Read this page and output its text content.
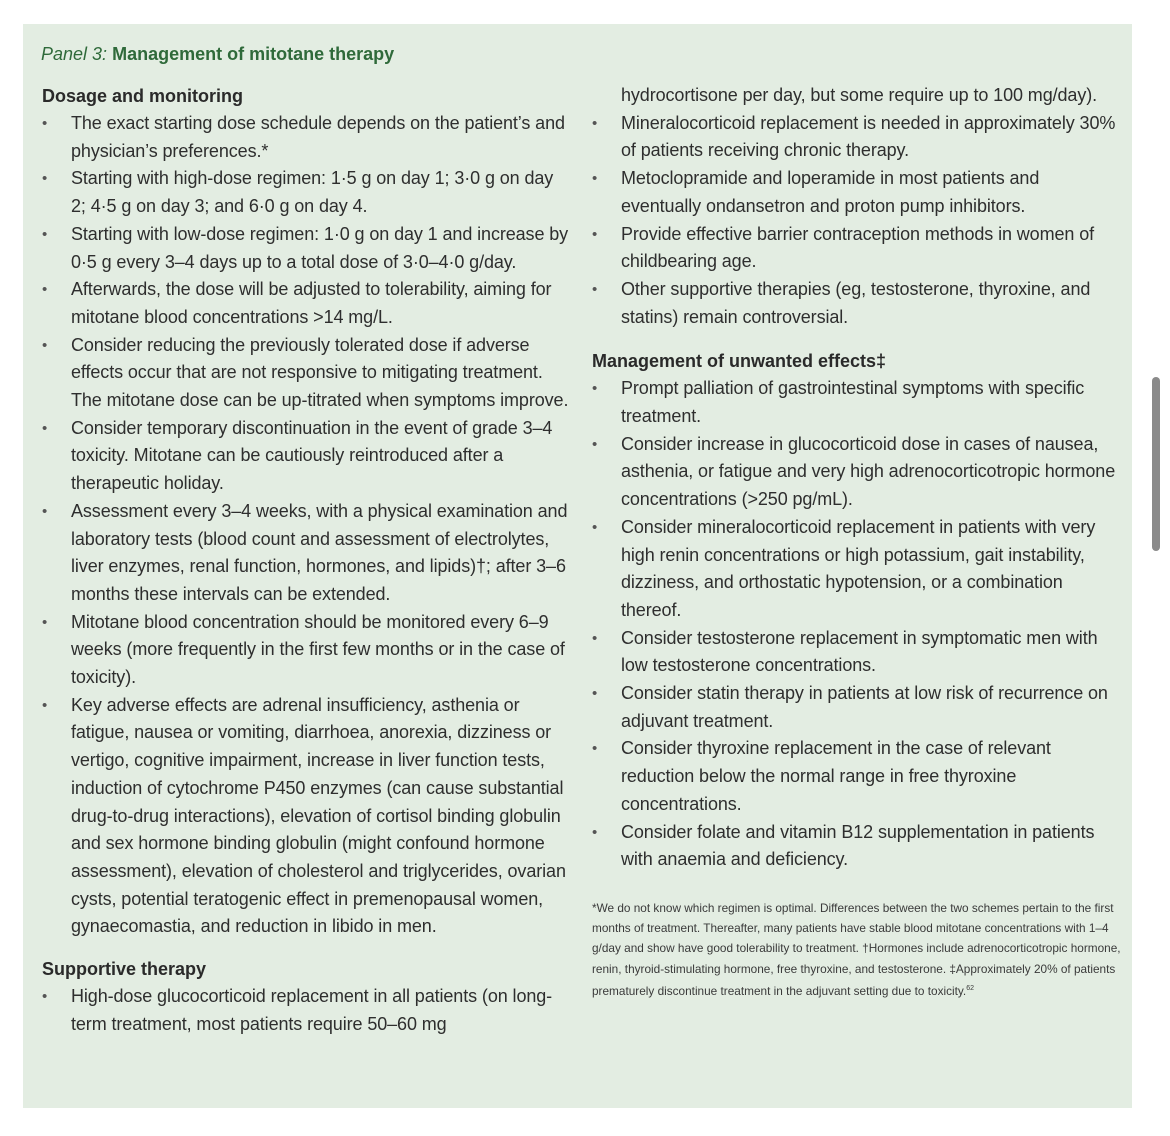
Panel 3: Management of mitotane therapy
Dosage and monitoring
• The exact starting dose schedule depends on the patient’s and physician’s preferences.*
• Starting with high-dose regimen: 1·5 g on day 1; 3·0 g on day 2; 4·5 g on day 3; and 6·0 g on day 4.
• Starting with low-dose regimen: 1·0 g on day 1 and increase by 0·5 g every 3–4 days up to a total dose of 3·0–4·0 g/day.
• Afterwards, the dose will be adjusted to tolerability, aiming for mitotane blood concentrations >14 mg/L.
• Consider reducing the previously tolerated dose if adverse effects occur that are not responsive to mitigating treatment. The mitotane dose can be up-titrated when symptoms improve.
• Consider temporary discontinuation in the event of grade 3–4 toxicity. Mitotane can be cautiously reintroduced after a therapeutic holiday.
• Assessment every 3–4 weeks, with a physical examination and laboratory tests (blood count and assessment of electrolytes, liver enzymes, renal function, hormones, and lipids)†; after 3–6 months these intervals can be extended.
• Mitotane blood concentration should be monitored every 6–9 weeks (more frequently in the first few months or in the case of toxicity).
• Key adverse effects are adrenal insufficiency, asthenia or fatigue, nausea or vomiting, diarrhoea, anorexia, dizziness or vertigo, cognitive impairment, increase in liver function tests, induction of cytochrome P450 enzymes (can cause substantial drug-to-drug interactions), elevation of cortisol binding globulin and sex hormone binding globulin (might confound hormone assessment), elevation of cholesterol and triglycerides, ovarian cysts, potential teratogenic effect in premenopausal women, gynaecomastia, and reduction in libido in men.
Supportive therapy
• High-dose glucocorticoid replacement in all patients (on long-term treatment, most patients require 50–60 mg
hydrocortisone per day, but some require up to 100 mg/day).
• Mineralocorticoid replacement is needed in approximately 30% of patients receiving chronic therapy.
• Metoclopramide and loperamide in most patients and eventually ondansetron and proton pump inhibitors.
• Provide effective barrier contraception methods in women of childbearing age.
• Other supportive therapies (eg, testosterone, thyroxine, and statins) remain controversial.
Management of unwanted effects‡
• Prompt palliation of gastrointestinal symptoms with specific treatment.
• Consider increase in glucocorticoid dose in cases of nausea, asthenia, or fatigue and very high adrenocorticotropic hormone concentrations (>250 pg/mL).
• Consider mineralocorticoid replacement in patients with very high renin concentrations or high potassium, gait instability, dizziness, and orthostatic hypotension, or a combination thereof.
• Consider testosterone replacement in symptomatic men with low testosterone concentrations.
• Consider statin therapy in patients at low risk of recurrence on adjuvant treatment.
• Consider thyroxine replacement in the case of relevant reduction below the normal range in free thyroxine concentrations.
• Consider folate and vitamin B12 supplementation in patients with anaemia and deficiency.
*We do not know which regimen is optimal. Differences between the two schemes pertain to the first months of treatment. Thereafter, many patients have stable blood mitotane concentrations with 1–4 g/day and show have good tolerability to treatment. †Hormones include adrenocorticotropic hormone, renin, thyroid-stimulating hormone, free thyroxine, and testosterone. ‡Approximately 20% of patients prematurely discontinue treatment in the adjuvant setting due to toxicity.$^{62}$
